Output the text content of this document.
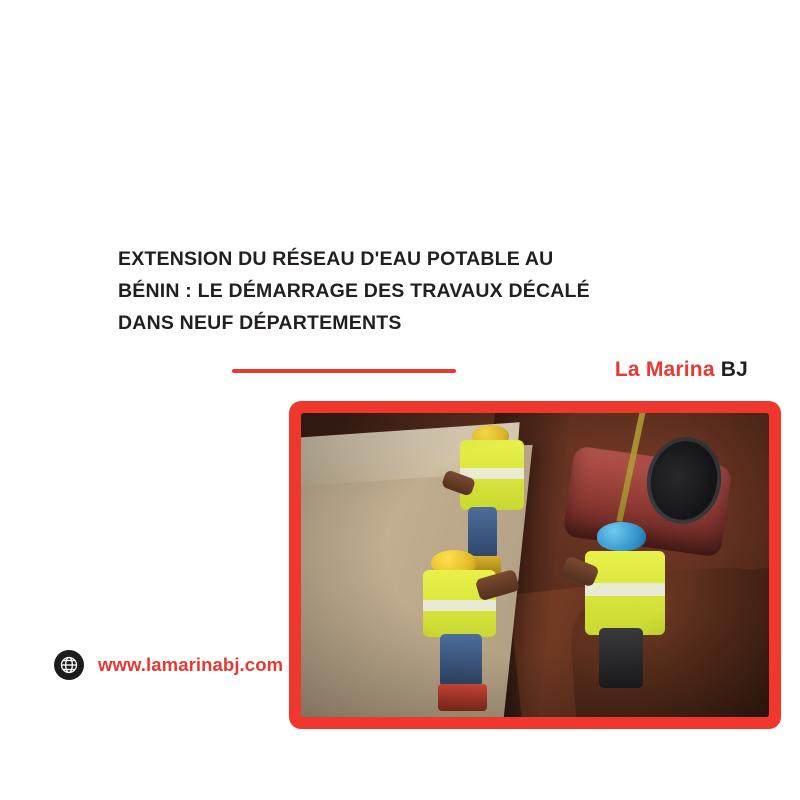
EXTENSION DU RÉSEAU D'EAU POTABLE AU
BÉNIN : LE DÉMARRAGE DES TRAVAUX DÉCALÉ
DANS NEUF DÉPARTEMENTS
La Marina BJ
www.lamarinabj.com
